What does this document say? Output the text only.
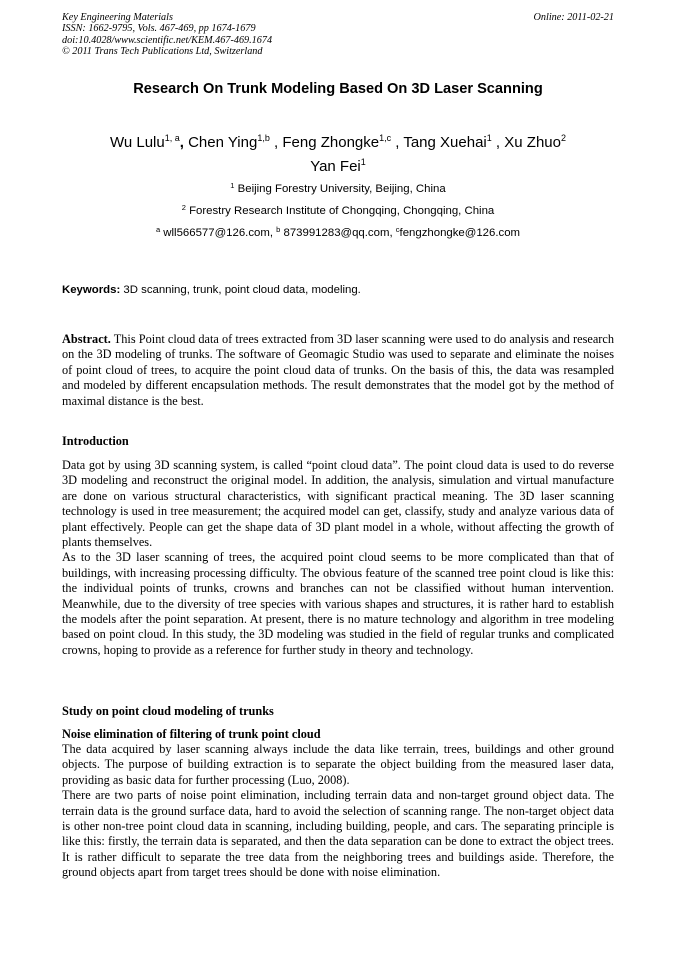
Key Engineering Materials
ISSN: 1662-9795, Vols. 467-469, pp 1674-1679
doi:10.4028/www.scientific.net/KEM.467-469.1674
© 2011 Trans Tech Publications Ltd, Switzerland
Online: 2011-02-21
Research On Trunk Modeling Based On 3D Laser Scanning
Wu Lulu$^{1, a}$, Chen Ying$^{1,b}$ , Feng Zhongke$^{1,c}$ , Tang Xuehai$^1$ , Xu Zhuo$^2$
Yan Fei$^1$
$^1$ Beijing Forestry University, Beijing, China
$^2$ Forestry Research Institute of Chongqing, Chongqing, China
$^a$ wll566577@126.com, $^b$ 873991283@qq.com, $^c$fengzhongke@126.com
Keywords: 3D scanning, trunk, point cloud data, modeling.

Abstract. This Point cloud data of trees extracted from 3D laser scanning were used to do analysis and research on the 3D modeling of trunks. The software of Geomagic Studio was used to separate and eliminate the noises of point cloud of trees, to acquire the point cloud data of trunks. On the basis of this, the data was resampled and modeled by different encapsulation methods. The result demonstrates that the model got by the method of maximal distance is the best.

Introduction

Data got by using 3D scanning system, is called “point cloud data”. The point cloud data is used to do reverse 3D modeling and reconstruct the original model. In addition, the analysis, simulation and virtual manufacture are done on various structural characteristics, with significant practical meaning. The 3D laser scanning technology is used in tree measurement; the acquired model can get, classify, study and analyze various data of plant effectively. People can get the shape data of 3D plant model in a whole, without affecting the growth of plants themselves.

As to the 3D laser scanning of trees, the acquired point cloud seems to be more complicated than that of buildings, with increasing processing difficulty. The obvious feature of the scanned tree point cloud is like this: the individual points of trunks, crowns and branches can not be classified without human intervention. Meanwhile, due to the diversity of tree species with various shapes and structures, it is rather hard to establish the models after the point separation. At present, there is no mature technology and algorithm in tree modeling based on point cloud. In this study, the 3D modeling was studied in the field of regular trunks and complicated crowns, hoping to provide as a reference for further study in theory and technology.

Study on point cloud modeling of trunks
Noise elimination of filtering of trunk point cloud

The data acquired by laser scanning always include the data like terrain, trees, buildings and other ground objects. The purpose of building extraction is to separate the object building from the measured laser data, providing as basic data for further processing (Luo, 2008).

There are two parts of noise point elimination, including terrain data and non-target ground object data. The terrain data is the ground surface data, hard to avoid the selection of scanning range. The non-target object data is other non-tree point cloud data in scanning, including building, people, and cars. The separating principle is like this: firstly, the terrain data is separated, and then the data separation can be done to extract the object trees. It is rather difficult to separate the tree data from the neighboring trees and buildings aside. Therefore, the ground objects apart from target trees should be done with noise elimination.
